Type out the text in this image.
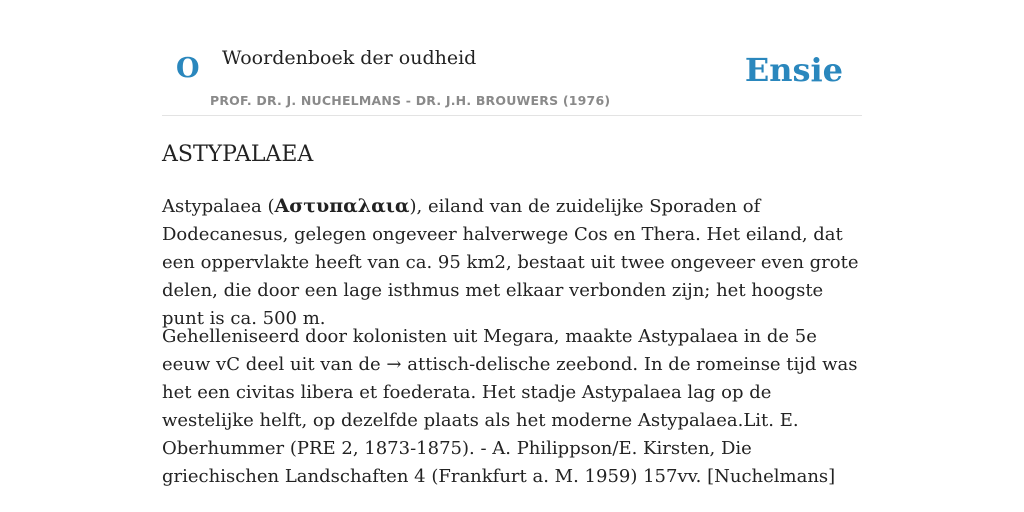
O Woordenboek der oudheid
PROF. DR. J. NUCHELMANS - DR. J.H. BROUWERS (1976)
Ensie
ASTYPALAEA

Astypalaea (Αστυπαλαια), eiland van de zuidelijke Sporaden of Dodecanesus, gelegen ongeveer halverwege Cos en Thera. Het eiland, dat een oppervlakte heeft van ca. 95 km2, bestaat uit twee ongeveer even grote delen, die door een lage isthmus met elkaar verbonden zijn; het hoogste punt is ca. 500 m.

Gehelleniseerd door kolonisten uit Megara, maakte Astypalaea in de 5e eeuw vC deel uit van de → attisch-delische zeebond. In de romeinse tijd was het een civitas libera et foederata. Het stadje Astypalaea lag op de westelijke helft, op dezelfde plaats als het moderne Astypalaea.Lit. E. Oberhummer (PRE 2, 1873-1875). - A. Philippson/E. Kirsten, Die griechischen Landschaften 4 (Frankfurt a. M. 1959) 157vv. [Nuchelmans]
